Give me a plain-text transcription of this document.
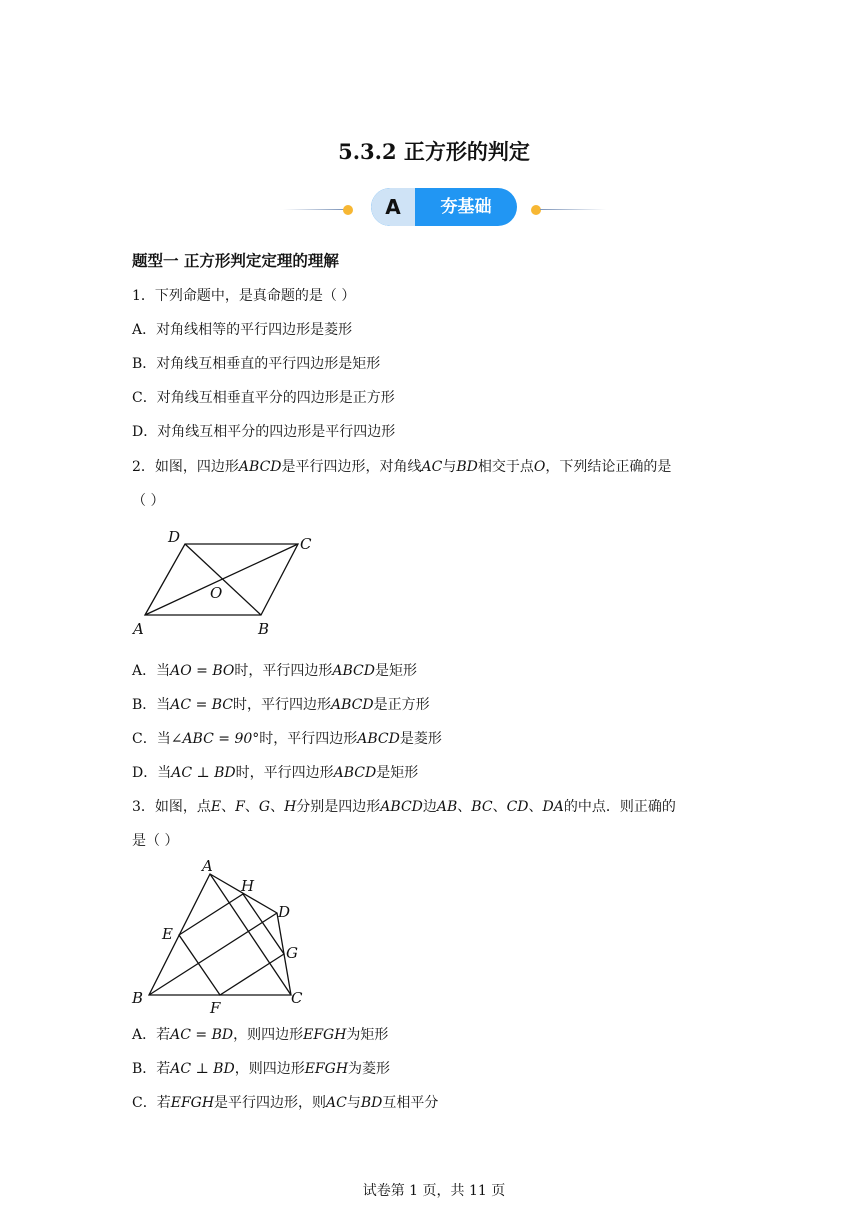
5.3.2 正方形的判定
A	夯基础
题型一 正方形判定定理的理解
1．下列命题中，是真命题的是（ ）
A．对角线相等的平行四边形是菱形
B．对角线互相垂直的平行四边形是矩形
C．对角线互相垂直平分的四边形是正方形
D．对角线互相平分的四边形是平行四边形
2．如图，四边形ABCD是平行四边形，对角线AC与BD相交于点O，下列结论正确的是
（ ）
D	C
O
A	B
A．当AO = BO时，平行四边形ABCD是矩形
B．当AC = BC时，平行四边形ABCD是正方形
C．当∠ABC = 90°时，平行四边形ABCD是菱形
D．当AC ⊥ BD时，平行四边形ABCD是矩形
3．如图，点E、F、G、H分别是四边形ABCD边AB、BC、CD、DA的中点．则正确的
是（ ）
A
H
D
E
G
B
F
C
A．若AC = BD，则四边形EFGH为矩形
B．若AC ⊥ BD，则四边形EFGH为菱形
C．若EFGH是平行四边形，则AC与BD互相平分
试卷第 1 页，共 11 页
